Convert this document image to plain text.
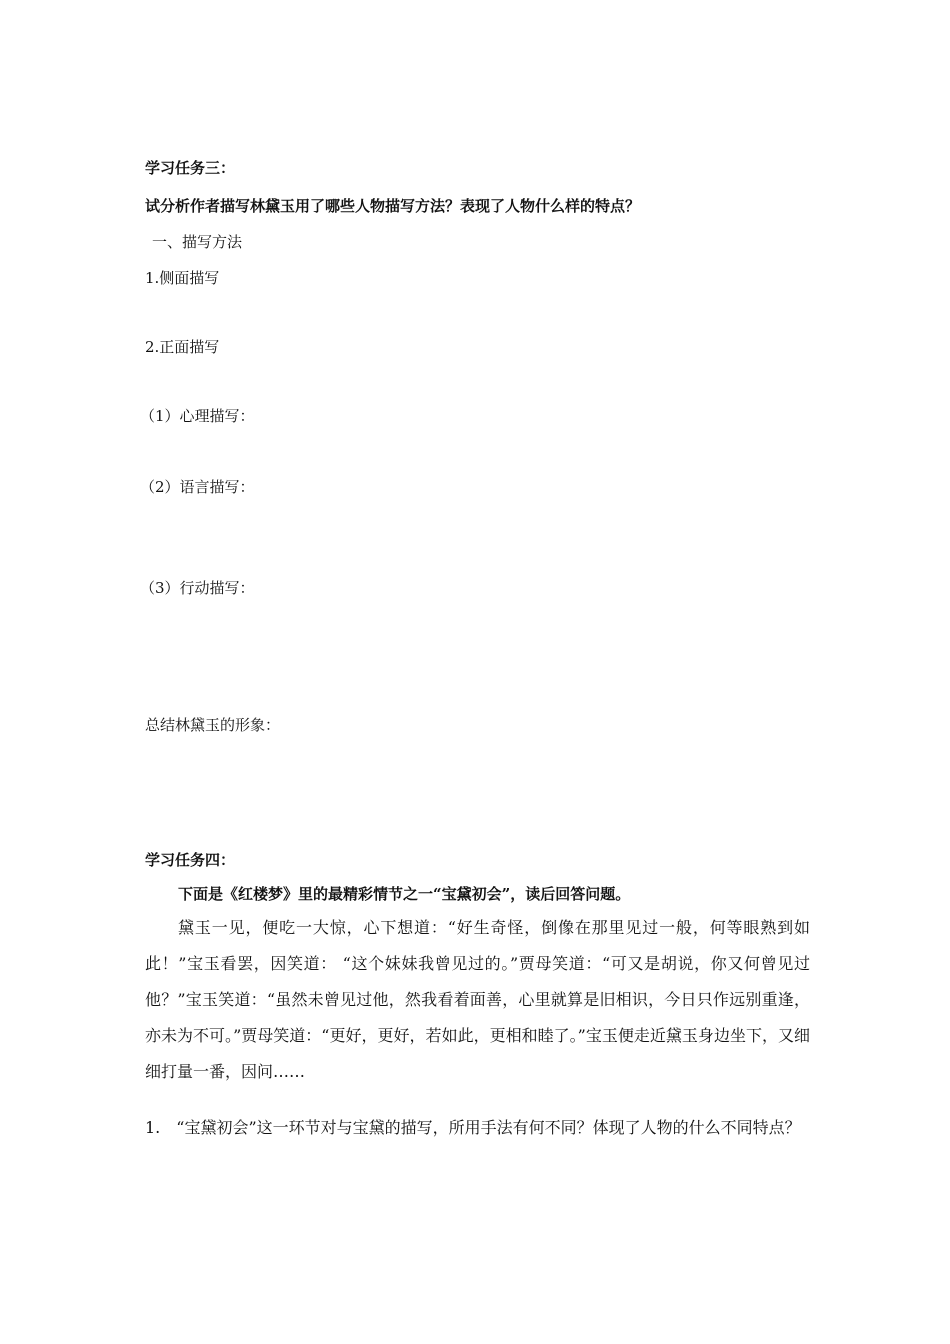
学习任务三：
试分析作者描写林黛玉用了哪些人物描写方法？表现了人物什么样的特点？
一、描写方法
1.侧面描写
2.正面描写
（1）心理描写：
（2）语言描写：
（3）行动描写：
总结林黛玉的形象：
学习任务四：
下面是《红楼梦》里的最精彩情节之一“宝黛初会”，读后回答问题。

黛玉一见，便吃一大惊，心下想道：“好生奇怪，倒像在那里见过一般，何等眼熟到如此！”宝玉看罢，因笑道： “这个妹妹我曾见过的。”贾母笑道：“可又是胡说，你又何曾见过他？”宝玉笑道：“虽然未曾见过他，然我看着面善，心里就算是旧相识，今日只作远别重逢，亦未为不可。”贾母笑道：“更好，更好，若如此，更相和睦了。”宝玉便走近黛玉身边坐下，又细细打量一番，因问……

1.　“宝黛初会”这一环节对与宝黛的描写，所用手法有何不同？体现了人物的什么不同特点？
